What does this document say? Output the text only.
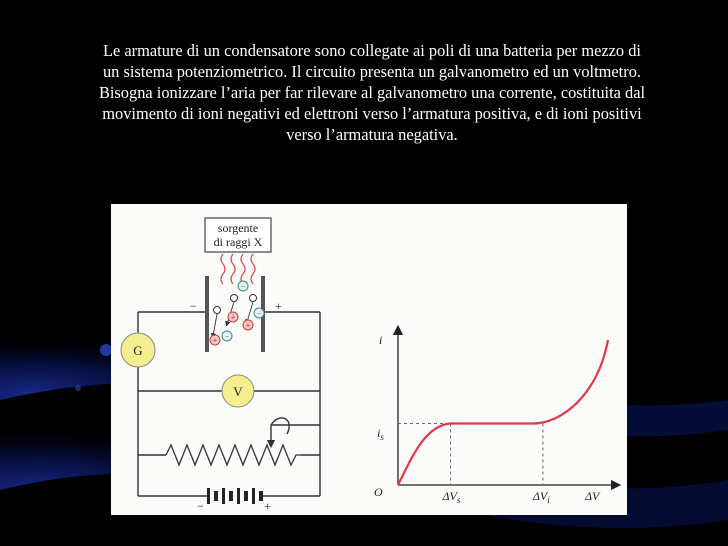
Le armature di un condensatore sono collegate ai poli di una batteria per mezzo di
un sistema potenziometrico. Il circuito presenta un galvanometro ed un voltmetro.
Bisogna ionizzare l’aria per far rilevare al galvanometro una corrente, costituita dal
movimento di ioni negativi ed elettroni verso l’armatura positiva, e di ioni positivi
verso l’armatura negativa.
−	+
−	+
sorgente
di raggi X
+
+
+
−
−
−
G
V
i
O
$i_s$
$\Delta V_s$	$\Delta V_i$	ΔV
